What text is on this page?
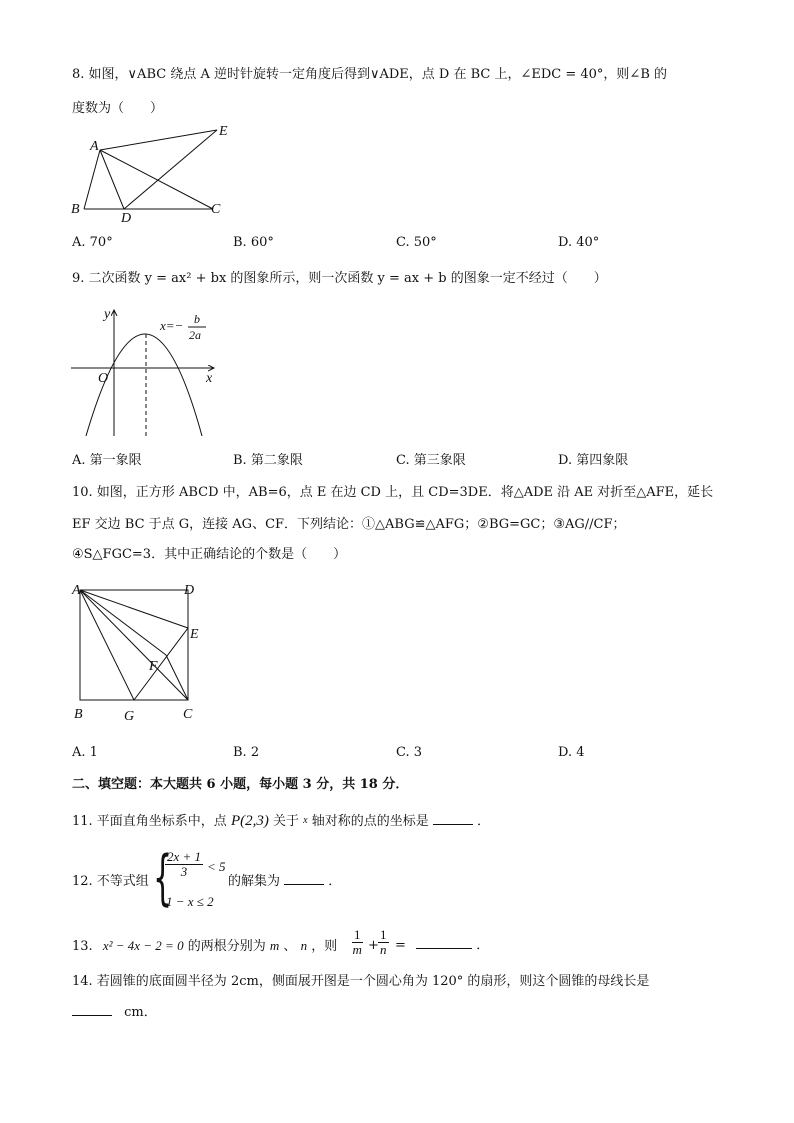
8. 如图，∨ABC 绕点 A 逆时针旋转一定角度后得到∨ADE，点 D 在 BC 上，∠EDC = 40°，则∠B 的
度数为（　　）
A
E
B
D
C
A. 70°	B. 60°	C. 50°	D. 40°
9. 二次函数 y = ax² + bx 的图象所示，则一次函数 y = ax + b 的图象一定不经过（　　）
y
x
O
x=− b
2a
A. 第一象限	B. 第二象限	C. 第三象限	D. 第四象限
10. 如图，正方形 ABCD 中，AB=6，点 E 在边 CD 上，且 CD=3DE．将△ADE 沿 AE 对折至△AFE，延长
EF 交边 BC 于点 G，连接 AG、CF．下列结论：①△ABG≌△AFG；②BG=GC；③AG//CF；
④S△FGC=3．其中正确结论的个数是（　　）
A	D
E
F
B	G	C
A. 1	B. 2	C. 3	D. 4
二、填空题：本大题共 6 小题，每小题 3 分，共 18 分．
11. 平面直角坐标系中，点 P(2,3) 关于 $^x$ 轴对称的点的坐标是	．
12. 不等式组 {
$\frac{2x + 1}{3} < 5$
1 − x ≤ 2
的解集为	．
13. x² − 4x − 2 = 0 的两根分别为 m 、 n ，则 $\frac{1}{m} + \frac{1}{n}$ =	．
14. 若圆锥的底面圆半径为 2cm，侧面展开图是一个圆心角为 120° 的扇形，则这个圆锥的母线长是
cm．
